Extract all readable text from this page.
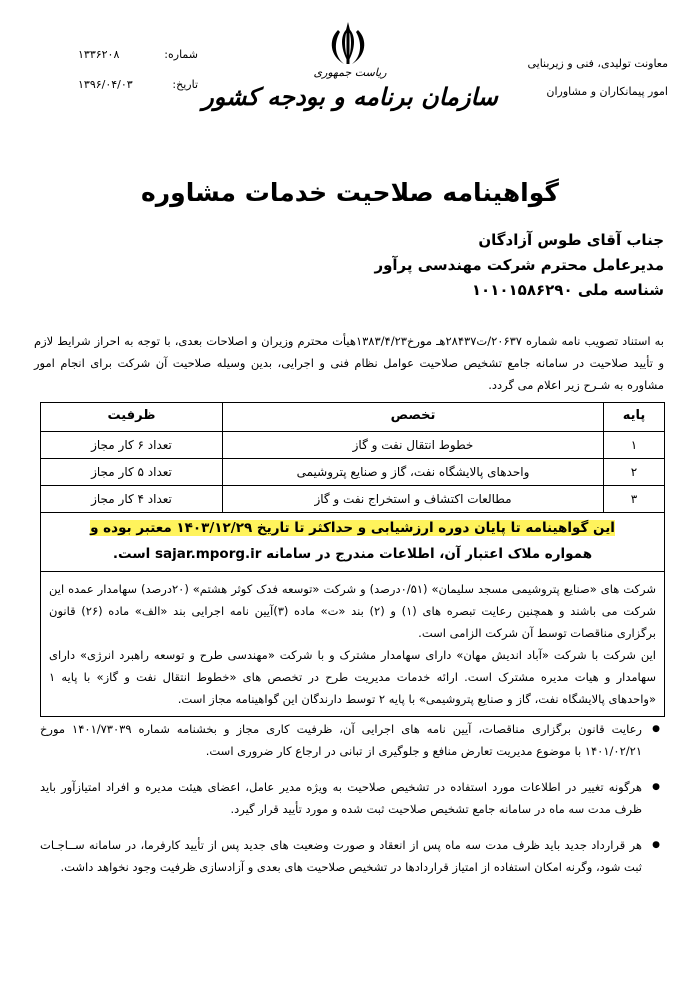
معاونت تولیدی، فنی و زیربنایی
امور پیمانکاران و مشاوران
شماره:
۱۳۳۶۲۰۸
تاریخ:
۱۳۹۶/۰۴/۰۳
ریاست جمهوری
سازمان برنامه و بودجه کشور
گواهینامه صلاحیت خدمات مشاوره
جناب آقای طوس آزادگان
مدیرعامل محترم شرکت مهندسی پرآور
شناسه ملی ۱۰۱۰۱۵۸۶۲۹۰
به استناد تصویب نامه شماره ۲۰۶۳۷/ت۲۸۴۳۷هـ مورخ۱۳۸۳/۴/۲۳هیأت محترم وزیران و اصلاحات بعدی، با توجه به احراز شرایط لازم و تأیید صلاحیت در سامانه جامع تشخیص صلاحیت عوامل نظام فنی و اجرایی، بدین وسیله صلاحیت آن شرکت برای انجام امور مشاوره به شـرح زیر اعلام می گردد.
پایه
تخصص
ظرفیت
۱
خطوط انتقال نفت و گاز
تعداد ۶ کار مجاز
۲
واحدهای پالایشگاه نفت، گاز و صنایع پتروشیمی
تعداد ۵ کار مجاز
۳
مطالعات اکتشاف و استخراج نفت و گاز
تعداد ۴ کار مجاز
این گواهینامه تا پایان دوره ارزشیابی و حداکثر تا تاریخ ۱۴۰۳/۱۲/۲۹ معتبر بوده و
همواره ملاک اعتبار آن، اطلاعات مندرج در سامانه sajar.mporg.ir است.

شرکت های «صنایع پتروشیمی مسجد سلیمان» (۰/۵۱درصد) و شرکت «توسعه فدک کوثر هشتم» (۲۰درصد) سهامدار عمده این شرکت می باشند و همچنین رعایت تبصره های (۱) و (۲) بند «ت» ماده (۳)آیین نامه اجرایی بند «الف» ماده (۲۶) قانون برگزاری مناقصات توسط آن شرکت الزامی است.

این شرکت با شرکت «آباد اندیش مهان» دارای سهامدار مشترک و با شرکت «مهندسی طرح و توسعه راهبرد انرژی» دارای سهامدار و هیات مدیره مشترک است. ارائه خدمات مدیریت طرح در تخصص های «خطوط انتقال نفت و گاز» با پایه ۱ «واحدهای پالایشگاه نفت، گاز و صنایع پتروشیمی» با پایه ۲ توسط دارندگان این گواهینامه مجاز است.

● رعایت قانون برگزاری مناقصات، آیین نامه های اجرایی آن، ظرفیت کاری مجاز و بخشنامه شماره ۱۴۰۱/۷۳۰۳۹ مورخ ۱۴۰۱/۰۲/۲۱ با موضوع مدیریت تعارض منافع و جلوگیری از تبانی در ارجاع کار ضروری است.
● هرگونه تغییر در اطلاعات مورد استفاده در تشخیص صلاحیت به ویژه مدیر عامل، اعضای هیئت مدیره و افراد امتیازآور باید ظرف مدت سه ماه در سامانه جامع تشخیص صلاحیت ثبت شده و مورد تأیید قرار گیرد.
● هر قرارداد جدید باید ظرف مدت سه ماه پس از انعقاد و صورت وضعیت های جدید پس از تأیید کارفرما، در سامانه ســاجـات ثبت شود، وگرنه امکان استفاده از امتیاز قراردادها در تشخیص صلاحیت های بعدی و آزادسازی ظرفیت وجود نخواهد داشت.
